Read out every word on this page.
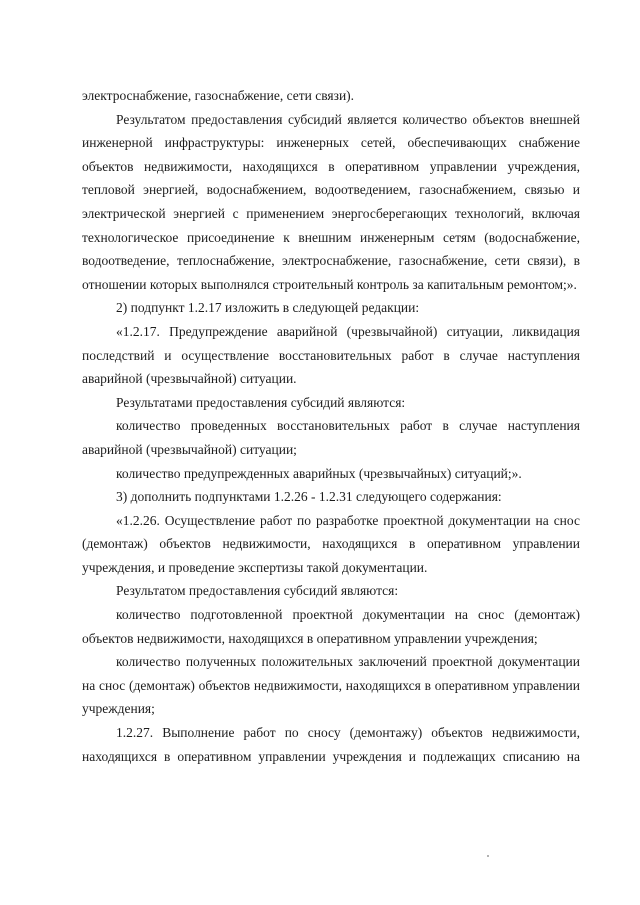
электроснабжение, газоснабжение, сети связи).

Результатом предоставления субсидий является количество объектов внешней инженерной инфраструктуры: инженерных сетей, обеспечивающих снабжение объектов недвижимости, находящихся в оперативном управлении учреждения, тепловой энергией, водоснабжением, водоотведением, газоснабжением, связью и электрической энергией с применением энергосберегающих технологий, включая технологическое присоединение к внешним инженерным сетям (водоснабжение, водоотведение, теплоснабжение, электроснабжение, газоснабжение, сети связи), в отношении которых выполнялся строительный контроль за капитальным ремонтом;».

2) подпункт 1.2.17 изложить в следующей редакции:

«1.2.17. Предупреждение аварийной (чрезвычайной) ситуации, ликвидация последствий и осуществление восстановительных работ в случае наступления аварийной (чрезвычайной) ситуации.

Результатами предоставления субсидий являются:

количество проведенных восстановительных работ в случае наступления аварийной (чрезвычайной) ситуации;

количество предупрежденных аварийных (чрезвычайных) ситуаций;».

3) дополнить подпунктами 1.2.26 - 1.2.31 следующего содержания:

«1.2.26. Осуществление работ по разработке проектной документации на снос (демонтаж) объектов недвижимости, находящихся в оперативном управлении учреждения, и проведение экспертизы такой документации.

Результатом предоставления субсидий являются:

количество подготовленной проектной документации на снос (демонтаж) объектов недвижимости, находящихся в оперативном управлении учреждения;

количество полученных положительных заключений проектной документации на снос (демонтаж) объектов недвижимости, находящихся в оперативном управлении учреждения;

1.2.27. Выполнение работ по сносу (демонтажу) объектов недвижимости, находящихся в оперативном управлении учреждения и подлежащих списанию на
